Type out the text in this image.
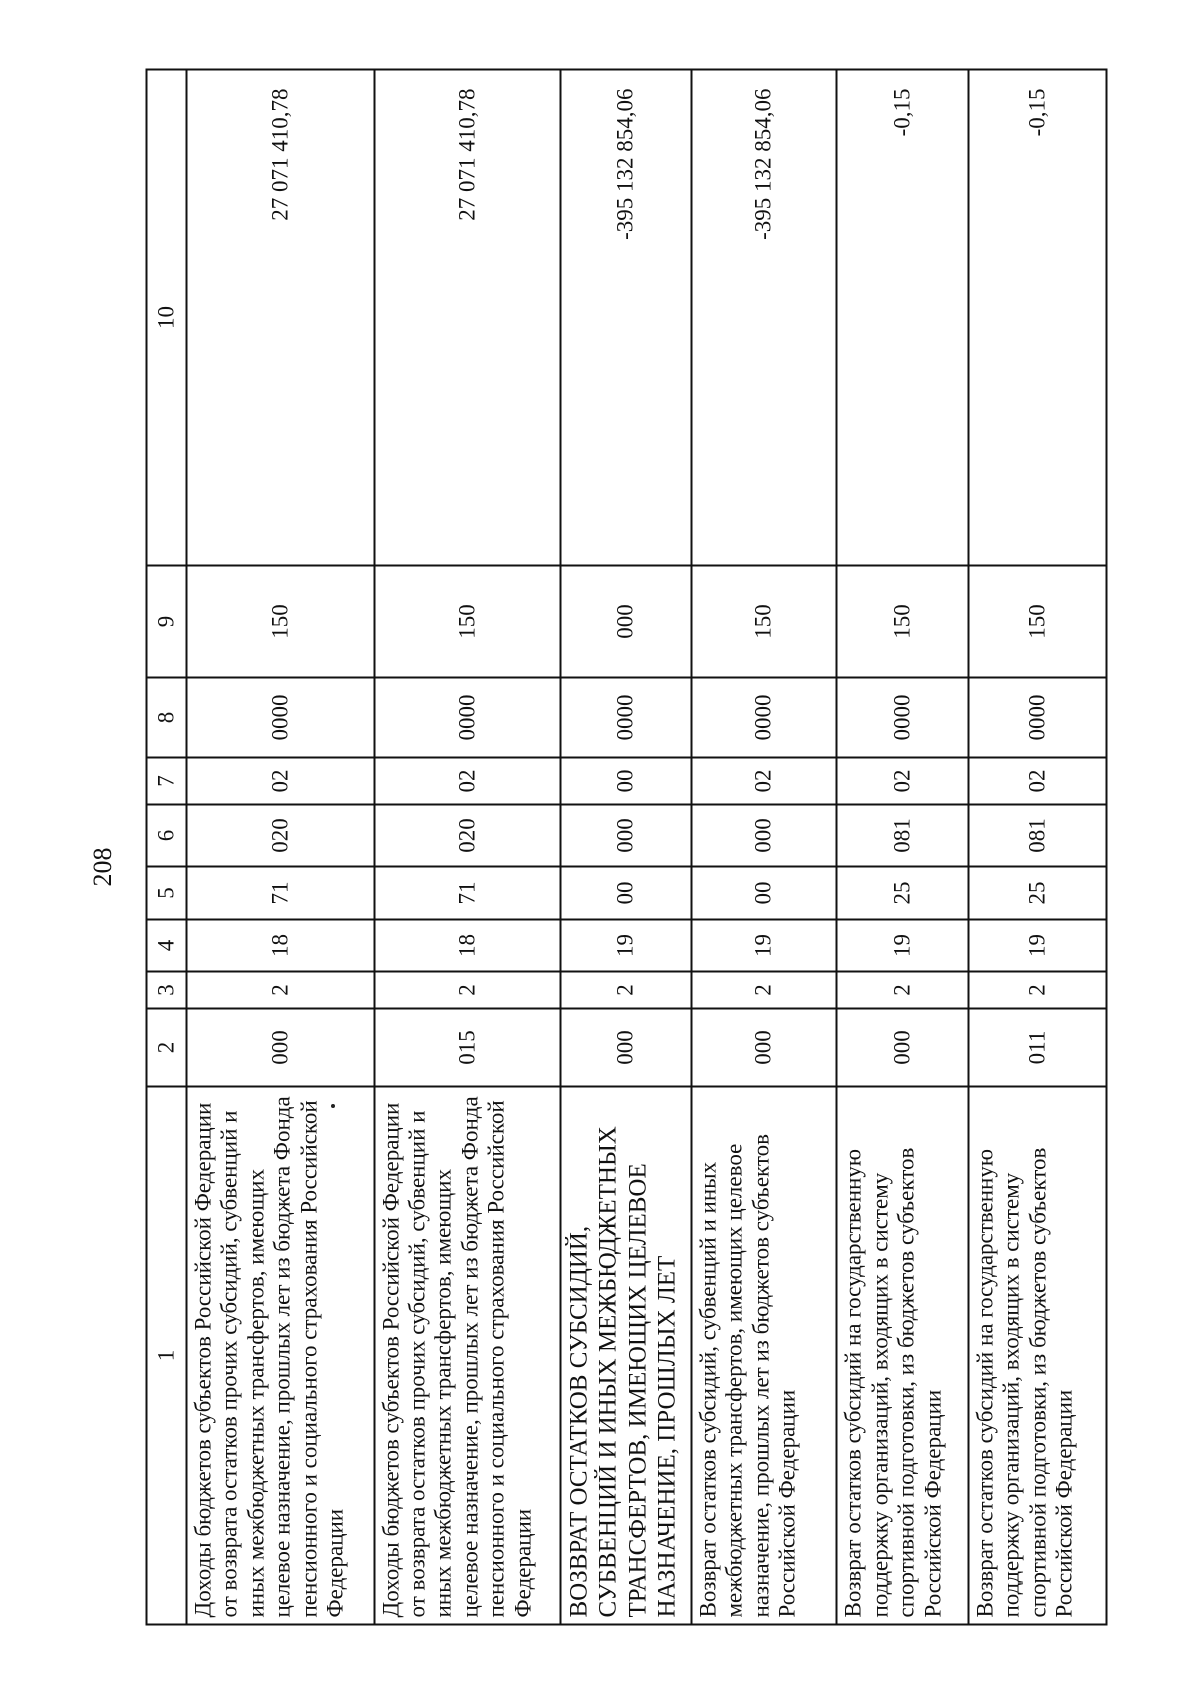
208
1	2	3	4	5	6	7	8	9	10
Доходы бюджетов субъектов Российской Федерации от возврата остатков прочих субсидий, субвенций и иных межбюджетных трансфертов, имеющих целевое назначение, прошлых лет из бюджета Фонда пенсионного и социального страхования Российской Федерации	000	2	18	71	020	02	0000	150	27 071 410,78
Доходы бюджетов субъектов Российской Федерации от возврата остатков прочих субсидий, субвенций и иных межбюджетных трансфертов, имеющих целевое назначение, прошлых лет из бюджета Фонда пенсионного и социального страхования Российской Федерации	015	2	18	71	020	02	0000	150	27 071 410,78
ВОЗВРАТ ОСТАТКОВ СУБСИДИЙ, СУБВЕНЦИЙ И ИНЫХ МЕЖБЮДЖЕТНЫХ ТРАНСФЕРТОВ, ИМЕЮЩИХ ЦЕЛЕВОЕ НАЗНАЧЕНИЕ, ПРОШЛЫХ ЛЕТ	000	2	19	00	000	00	0000	000	-395 132 854,06
Возврат остатков субсидий, субвенций и иных межбюджетных трансфертов, имеющих целевое назначение, прошлых лет из бюджетов субъектов Российской Федерации	000	2	19	00	000	02	0000	150	-395 132 854,06
Возврат остатков субсидий на государственную поддержку организаций, входящих в систему спортивной подготовки, из бюджетов субъектов Российской Федерации	000	2	19	25	081	02	0000	150	-0,15
Возврат остатков субсидий на государственную поддержку организаций, входящих в систему спортивной подготовки, из бюджетов субъектов Российской Федерации	011	2	19	25	081	02	0000	150	-0,15
